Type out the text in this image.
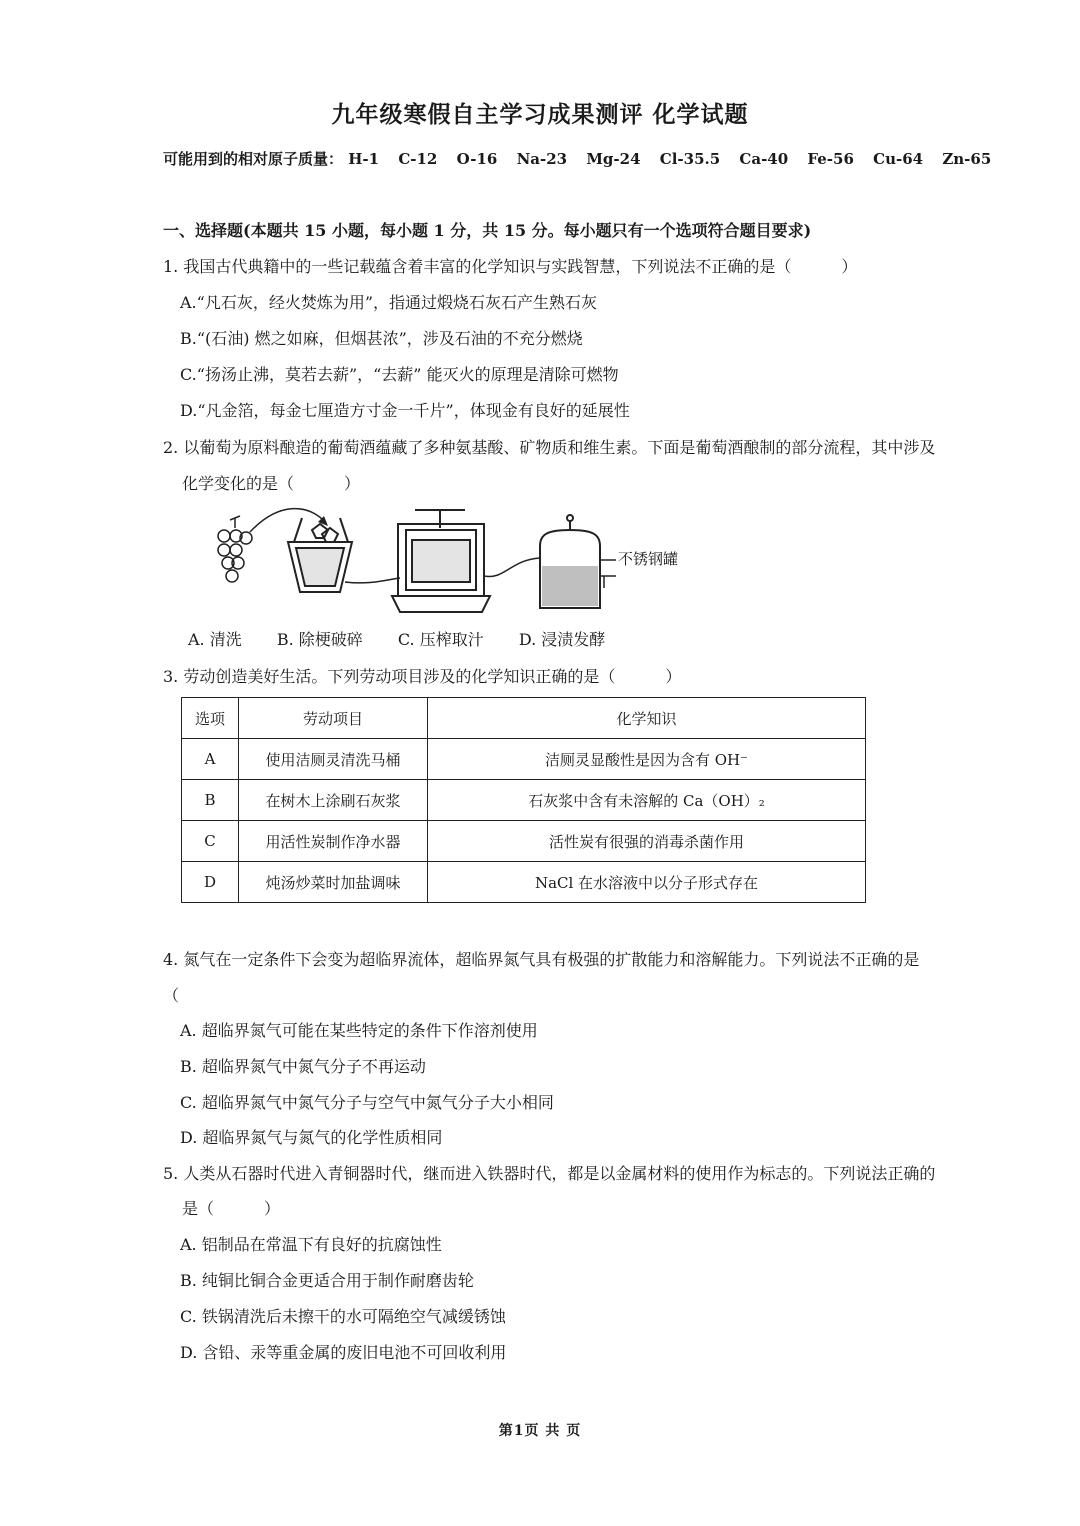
九年级寒假自主学习成果测评 化学试题
可能用到的相对原子质量： H-1 C-12 O-16 Na-23 Mg-24 Cl-35.5 Ca-40 Fe-56 Cu-64 Zn-65
一、选择题(本题共 15 小题，每小题 1 分，共 15 分。每小题只有一个选项符合题目要求)
1. 我国古代典籍中的一些记载蕴含着丰富的化学知识与实践智慧，下列说法不正确的是（	）
A.“凡石灰，经火焚炼为用”，指通过煅烧石灰石产生熟石灰
B.“(石油) 燃之如麻，但烟甚浓”，涉及石油的不充分燃烧
C.“扬汤止沸，莫若去薪”，“去薪” 能灭火的原理是清除可燃物
D.“凡金箔，每金七厘造方寸金一千片”，体现金有良好的延展性
2. 以葡萄为原料酿造的葡萄酒蕴藏了多种氨基酸、矿物质和维生素。下面是葡萄酒酿制的部分流程，其中涉及
化学变化的是（	）
不锈钢罐
A. 清洗 B. 除梗破碎 C. 压榨取汁 D. 浸渍发酵
3. 劳动创造美好生活。下列劳动项目涉及的化学知识正确的是（	）
选项	劳动项目	化学知识
A	使用洁厕灵清洗马桶	洁厕灵显酸性是因为含有 OH⁻
B	在树木上涂刷石灰浆	石灰浆中含有未溶解的 Ca（OH）₂
C	用活性炭制作净水器	活性炭有很强的消毒杀菌作用
D	炖汤炒菜时加盐调味	NaCl 在水溶液中以分子形式存在
4. 氮气在一定条件下会变为超临界流体，超临界氮气具有极强的扩散能力和溶解能力。下列说法不正确的是
（
A. 超临界氮气可能在某些特定的条件下作溶剂使用
B. 超临界氮气中氮气分子不再运动
C. 超临界氮气中氮气分子与空气中氮气分子大小相同
D. 超临界氮气与氮气的化学性质相同
5. 人类从石器时代进入青铜器时代，继而进入铁器时代，都是以金属材料的使用作为标志的。下列说法正确的
是（	）
A. 铝制品在常温下有良好的抗腐蚀性
B. 纯铜比铜合金更适合用于制作耐磨齿轮
C. 铁锅清洗后未擦干的水可隔绝空气减缓锈蚀
D. 含铅、汞等重金属的废旧电池不可回收利用
第1页 共 页
